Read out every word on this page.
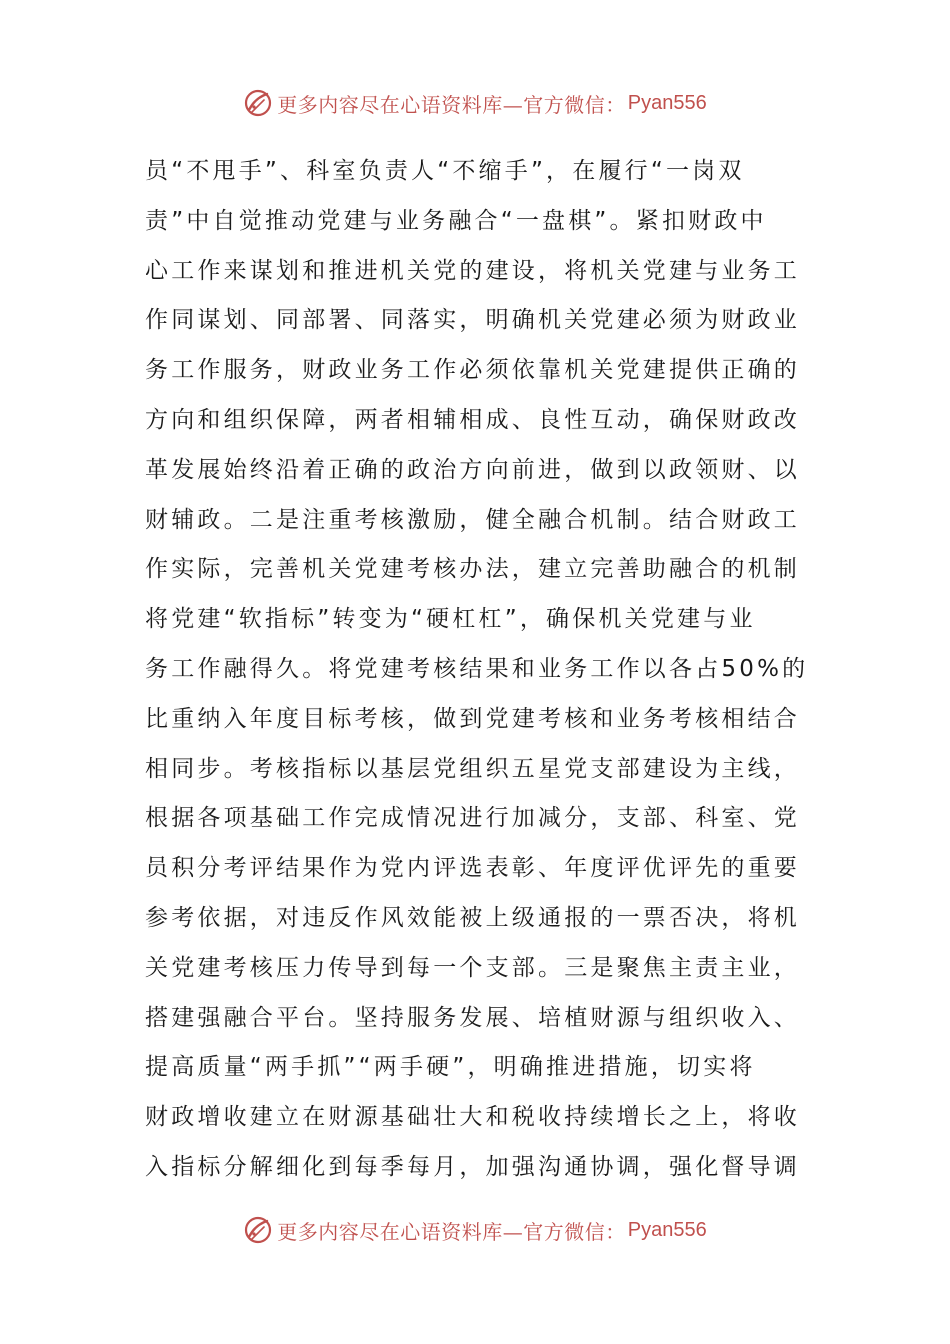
更多内容尽在心语资料库—官方微信： Pyan556
员“不甩手”、科室负责人“不缩手”，在履行“一岗双
责”中自觉推动党建与业务融合“一盘棋”。紧扣财政中
心工作来谋划和推进机关党的建设，将机关党建与业务工
作同谋划、同部署、同落实，明确机关党建必须为财政业
务工作服务，财政业务工作必须依靠机关党建提供正确的
方向和组织保障，两者相辅相成、良性互动，确保财政改
革发展始终沿着正确的政治方向前进，做到以政领财、以
财辅政。二是注重考核激励，健全融合机制。结合财政工
作实际，完善机关党建考核办法，建立完善助融合的机制
将党建“软指标”转变为“硬杠杠”，确保机关党建与业
务工作融得久。将党建考核结果和业务工作以各占50%的
比重纳入年度目标考核，做到党建考核和业务考核相结合
相同步。考核指标以基层党组织五星党支部建设为主线，
根据各项基础工作完成情况进行加减分，支部、科室、党
员积分考评结果作为党内评选表彰、年度评优评先的重要
参考依据，对违反作风效能被上级通报的一票否决，将机
关党建考核压力传导到每一个支部。三是聚焦主责主业，
搭建强融合平台。坚持服务发展、培植财源与组织收入、
提高质量“两手抓”“两手硬”，明确推进措施，切实将
财政增收建立在财源基础壮大和税收持续增长之上，将收
入指标分解细化到每季每月，加强沟通协调，强化督导调
更多内容尽在心语资料库—官方微信： Pyan556
